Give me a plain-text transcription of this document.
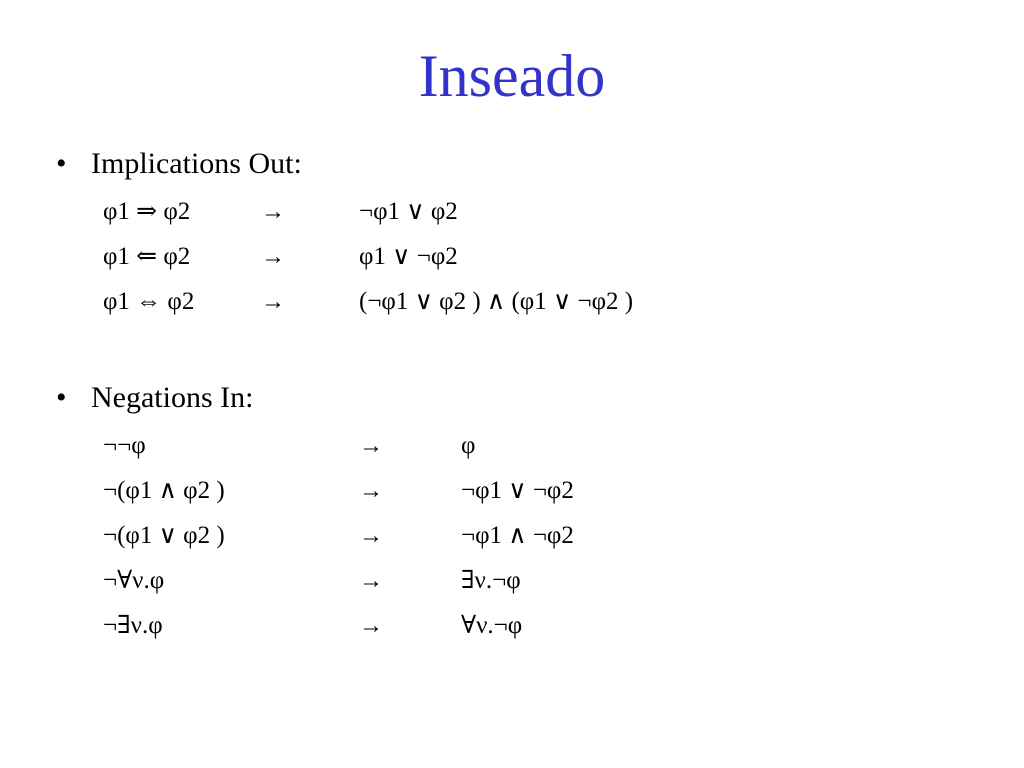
Inseado
• Implications Out:
φ1 ⇒ φ2	→	¬φ1 ∨ φ2
φ1 ⇐ φ2	→	φ1 ∨ ¬φ2
φ1 ⇔ φ2	→	(¬φ1 ∨ φ2 ) ∧ (φ1 ∨ ¬φ2 )
• Negations In:
¬¬φ	→	φ
¬(φ1 ∧ φ2 )	→	¬φ1 ∨ ¬φ2
¬(φ1 ∨ φ2 )	→	¬φ1 ∧ ¬φ2
¬∀ν.φ	→	∃ν.¬φ
¬∃ν.φ	→	∀ν.¬φ
